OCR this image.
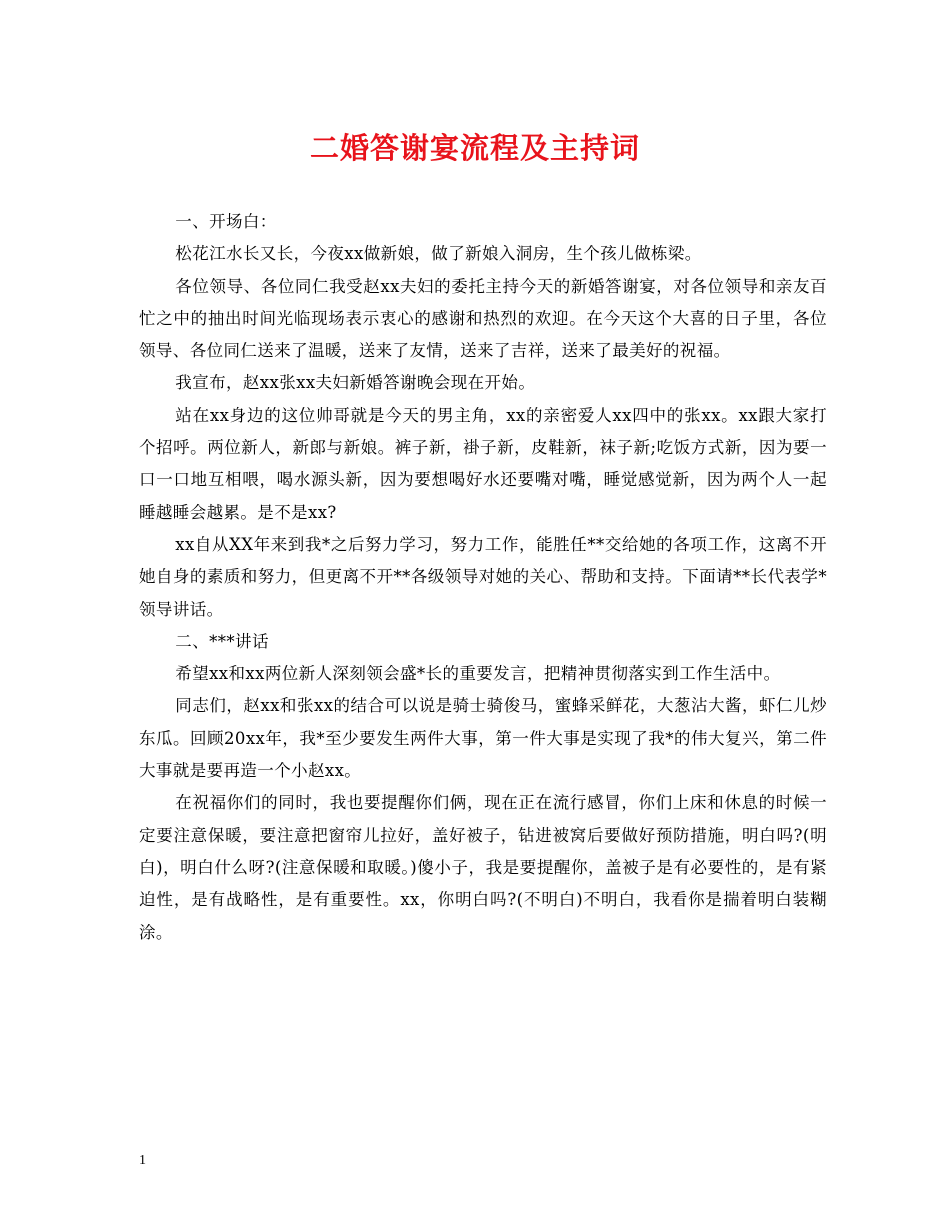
二婚答谢宴流程及主持词

一、开场白：

松花江水长又长，今夜xx做新娘，做了新娘入洞房，生个孩儿做栋梁。

各位领导、各位同仁我受赵xx夫妇的委托主持今天的新婚答谢宴，对各位领导和亲友百忙之中的抽出时间光临现场表示衷心的感谢和热烈的欢迎。在今天这个大喜的日子里，各位领导、各位同仁送来了温暖，送来了友情，送来了吉祥，送来了最美好的祝福。

我宣布，赵xx张xx夫妇新婚答谢晚会现在开始。

站在xx身边的这位帅哥就是今天的男主角，xx的亲密爱人xx四中的张xx。xx跟大家打个招呼。两位新人，新郎与新娘。裤子新，褂子新，皮鞋新，袜子新;吃饭方式新，因为要一口一口地互相喂，喝水源头新，因为要想喝好水还要嘴对嘴，睡觉感觉新，因为两个人一起睡越睡会越累。是不是xx?

xx自从XX年来到我*之后努力学习，努力工作，能胜任**交给她的各项工作，这离不开她自身的素质和努力，但更离不开**各级领导对她的关心、帮助和支持。下面请**长代表学*领导讲话。

二、***讲话

希望xx和xx两位新人深刻领会盛*长的重要发言，把精神贯彻落实到工作生活中。

同志们，赵xx和张xx的结合可以说是骑士骑俊马，蜜蜂采鲜花，大葱沾大酱，虾仁儿炒东瓜。回顾20xx年，我*至少要发生两件大事，第一件大事是实现了我*的伟大复兴，第二件大事就是要再造一个小赵xx。

在祝福你们的同时，我也要提醒你们俩，现在正在流行感冒，你们上床和休息的时候一定要注意保暖，要注意把窗帘儿拉好，盖好被子，钻进被窝后要做好预防措施，明白吗?(明白)，明白什么呀?(注意保暖和取暖。)傻小子，我是要提醒你，盖被子是有必要性的，是有紧迫性，是有战略性，是有重要性。xx，你明白吗?(不明白)不明白，我看你是揣着明白装糊涂。

1
